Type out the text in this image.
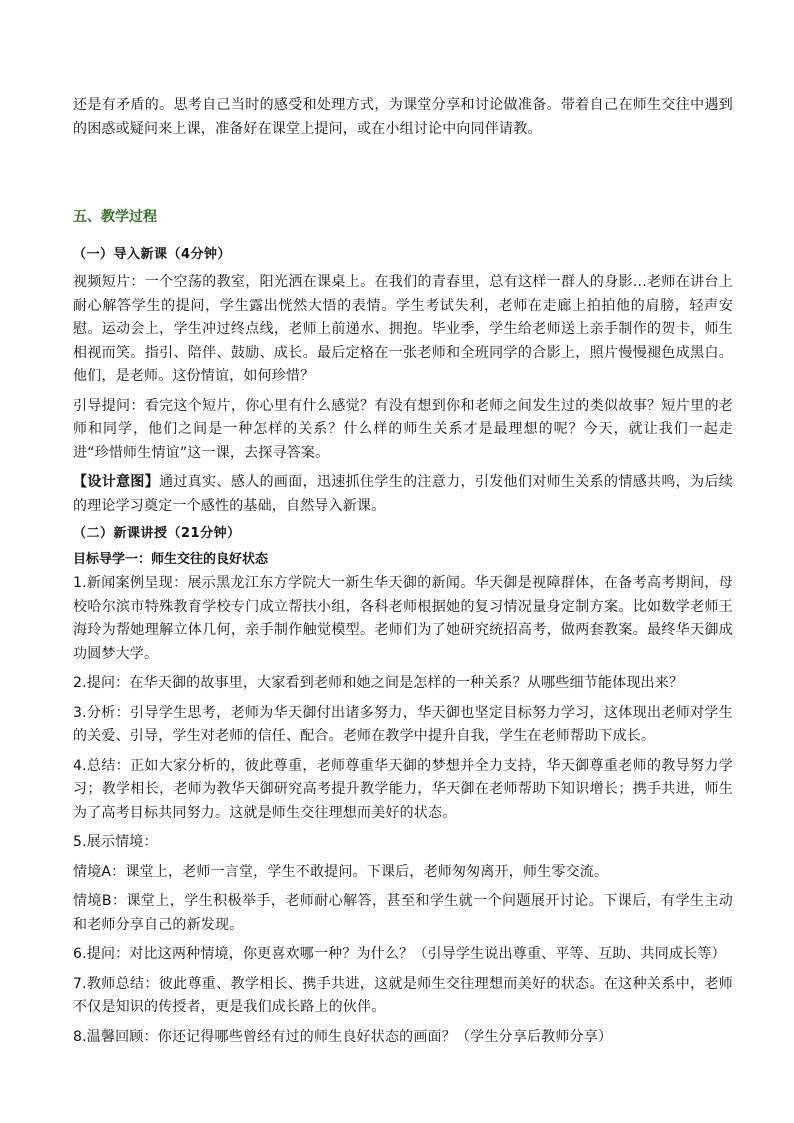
还是有矛盾的。思考自己当时的感受和处理方式，为课堂分享和讨论做准备。带着自己在师生交往中遇到的困惑或疑问来上课，准备好在课堂上提问，或在小组讨论中向同伴请教。

五、教学过程
（一）导入新课（4分钟）

视频短片：一个空荡的教室，阳光洒在课桌上。在我们的青春里，总有这样一群人的身影...老师在讲台上耐心解答学生的提问，学生露出恍然大悟的表情。学生考试失利，老师在走廊上拍拍他的肩膀，轻声安慰。运动会上，学生冲过终点线，老师上前递水、拥抱。毕业季，学生给老师送上亲手制作的贺卡，师生相视而笑。指引、陪伴、鼓励、成长。最后定格在一张老师和全班同学的合影上，照片慢慢褪色成黑白。他们，是老师。这份情谊，如何珍惜？

引导提问：看完这个短片，你心里有什么感觉？有没有想到你和老师之间发生过的类似故事？短片里的老师和同学，他们之间是一种怎样的关系？什么样的师生关系才是最理想的呢？今天，就让我们一起走进“珍惜师生情谊”这一课，去探寻答案。

【设计意图】通过真实、感人的画面，迅速抓住学生的注意力，引发他们对师生关系的情感共鸣，为后续的理论学习奠定一个感性的基础，自然导入新课。

（二）新课讲授（21分钟）
目标导学一：师生交往的良好状态

1.新闻案例呈现：展示黑龙江东方学院大一新生华天御的新闻。华天御是视障群体，在备考高考期间，母校哈尔滨市特殊教育学校专门成立帮扶小组，各科老师根据她的复习情况量身定制方案。比如数学老师王海玲为帮她理解立体几何，亲手制作触觉模型。老师们为了她研究统招高考，做两套教案。最终华天御成功圆梦大学。

2.提问：在华天御的故事里，大家看到老师和她之间是怎样的一种关系？从哪些细节能体现出来？

3.分析：引导学生思考，老师为华天御付出诸多努力，华天御也坚定目标努力学习，这体现出老师对学生的关爱、引导，学生对老师的信任、配合。老师在教学中提升自我，学生在老师帮助下成长。

4.总结：正如大家分析的，彼此尊重，老师尊重华天御的梦想并全力支持，华天御尊重老师的教导努力学习；教学相长，老师为教华天御研究高考提升教学能力，华天御在老师帮助下知识增长；携手共进，师生为了高考目标共同努力。这就是师生交往理想而美好的状态。

5.展示情境：

情境A：课堂上，老师一言堂，学生不敢提问。下课后，老师匆匆离开，师生零交流。

情境B：课堂上，学生积极举手，老师耐心解答，甚至和学生就一个问题展开讨论。下课后，有学生主动和老师分享自己的新发现。

6.提问：对比这两种情境，你更喜欢哪一种？为什么？（引导学生说出尊重、平等、互助、共同成长等）

7.教师总结：彼此尊重、教学相长、携手共进，这就是师生交往理想而美好的状态。在这种关系中，老师不仅是知识的传授者，更是我们成长路上的伙伴。

8.温馨回顾：你还记得哪些曾经有过的师生良好状态的画面？（学生分享后教师分享）
